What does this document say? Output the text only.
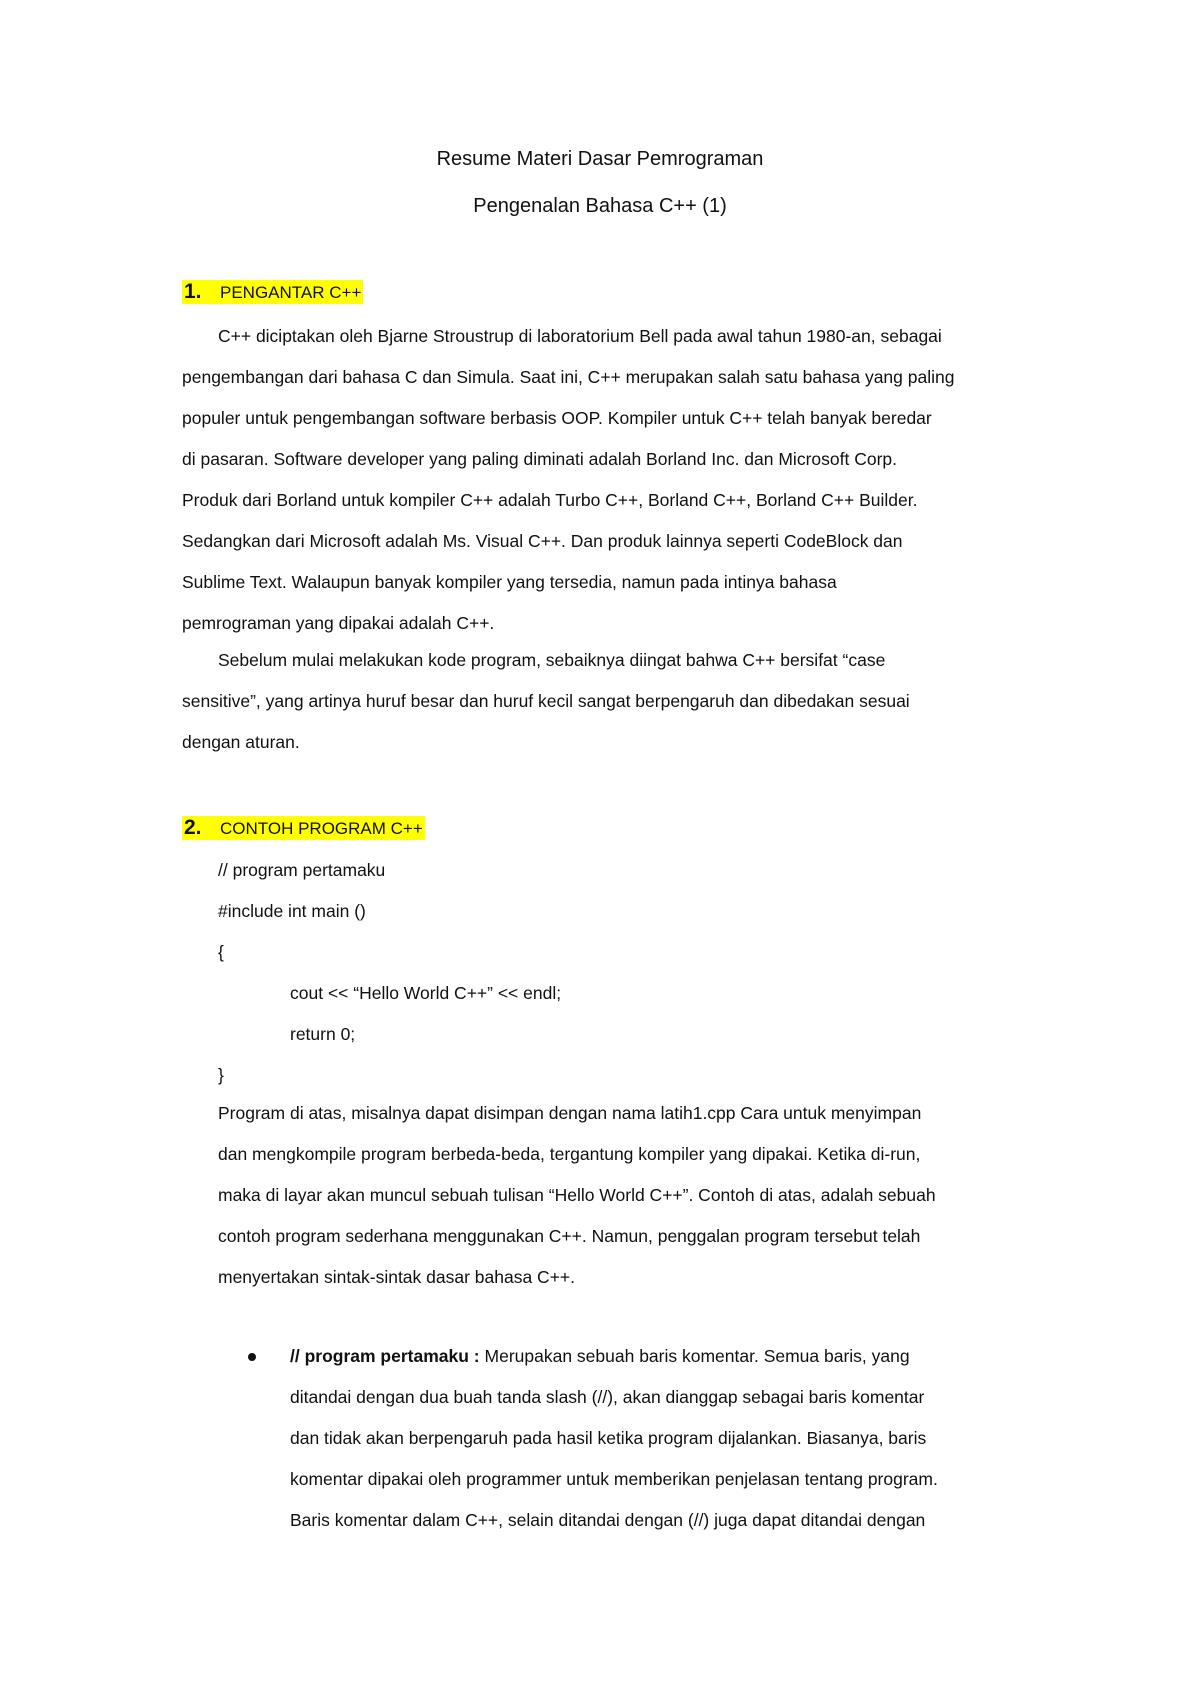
Resume Materi Dasar Pemrograman
Pengenalan Bahasa C++ (1)
1.	PENGANTAR C++
C++ diciptakan oleh Bjarne Stroustrup di laboratorium Bell pada awal tahun 1980-an, sebagai
pengembangan dari bahasa C dan Simula. Saat ini, C++ merupakan salah satu bahasa yang paling
populer untuk pengembangan software berbasis OOP. Kompiler untuk C++ telah banyak beredar
di pasaran. Software developer yang paling diminati adalah Borland Inc. dan Microsoft Corp.
Produk dari Borland untuk kompiler C++ adalah Turbo C++, Borland C++, Borland C++ Builder.
Sedangkan dari Microsoft adalah Ms. Visual C++. Dan produk lainnya seperti CodeBlock dan
Sublime Text. Walaupun banyak kompiler yang tersedia, namun pada intinya bahasa
pemrograman yang dipakai adalah C++.
Sebelum mulai melakukan kode program, sebaiknya diingat bahwa C++ bersifat “case
sensitive”, yang artinya huruf besar dan huruf kecil sangat berpengaruh dan dibedakan sesuai
dengan aturan.
2.	CONTOH PROGRAM C++
// program pertamaku
#include int main ()
{
cout << “Hello World C++” << endl;
return 0;
}
Program di atas, misalnya dapat disimpan dengan nama latih1.cpp Cara untuk menyimpan
dan mengkompile program berbeda-beda, tergantung kompiler yang dipakai. Ketika di-run,
maka di layar akan muncul sebuah tulisan “Hello World C++”. Contoh di atas, adalah sebuah
contoh program sederhana menggunakan C++. Namun, penggalan program tersebut telah
menyertakan sintak-sintak dasar bahasa C++.
// program pertamaku : Merupakan sebuah baris komentar. Semua baris, yang
ditandai dengan dua buah tanda slash (//), akan dianggap sebagai baris komentar
dan tidak akan berpengaruh pada hasil ketika program dijalankan. Biasanya, baris
komentar dipakai oleh programmer untuk memberikan penjelasan tentang program.
Baris komentar dalam C++, selain ditandai dengan (//) juga dapat ditandai dengan
